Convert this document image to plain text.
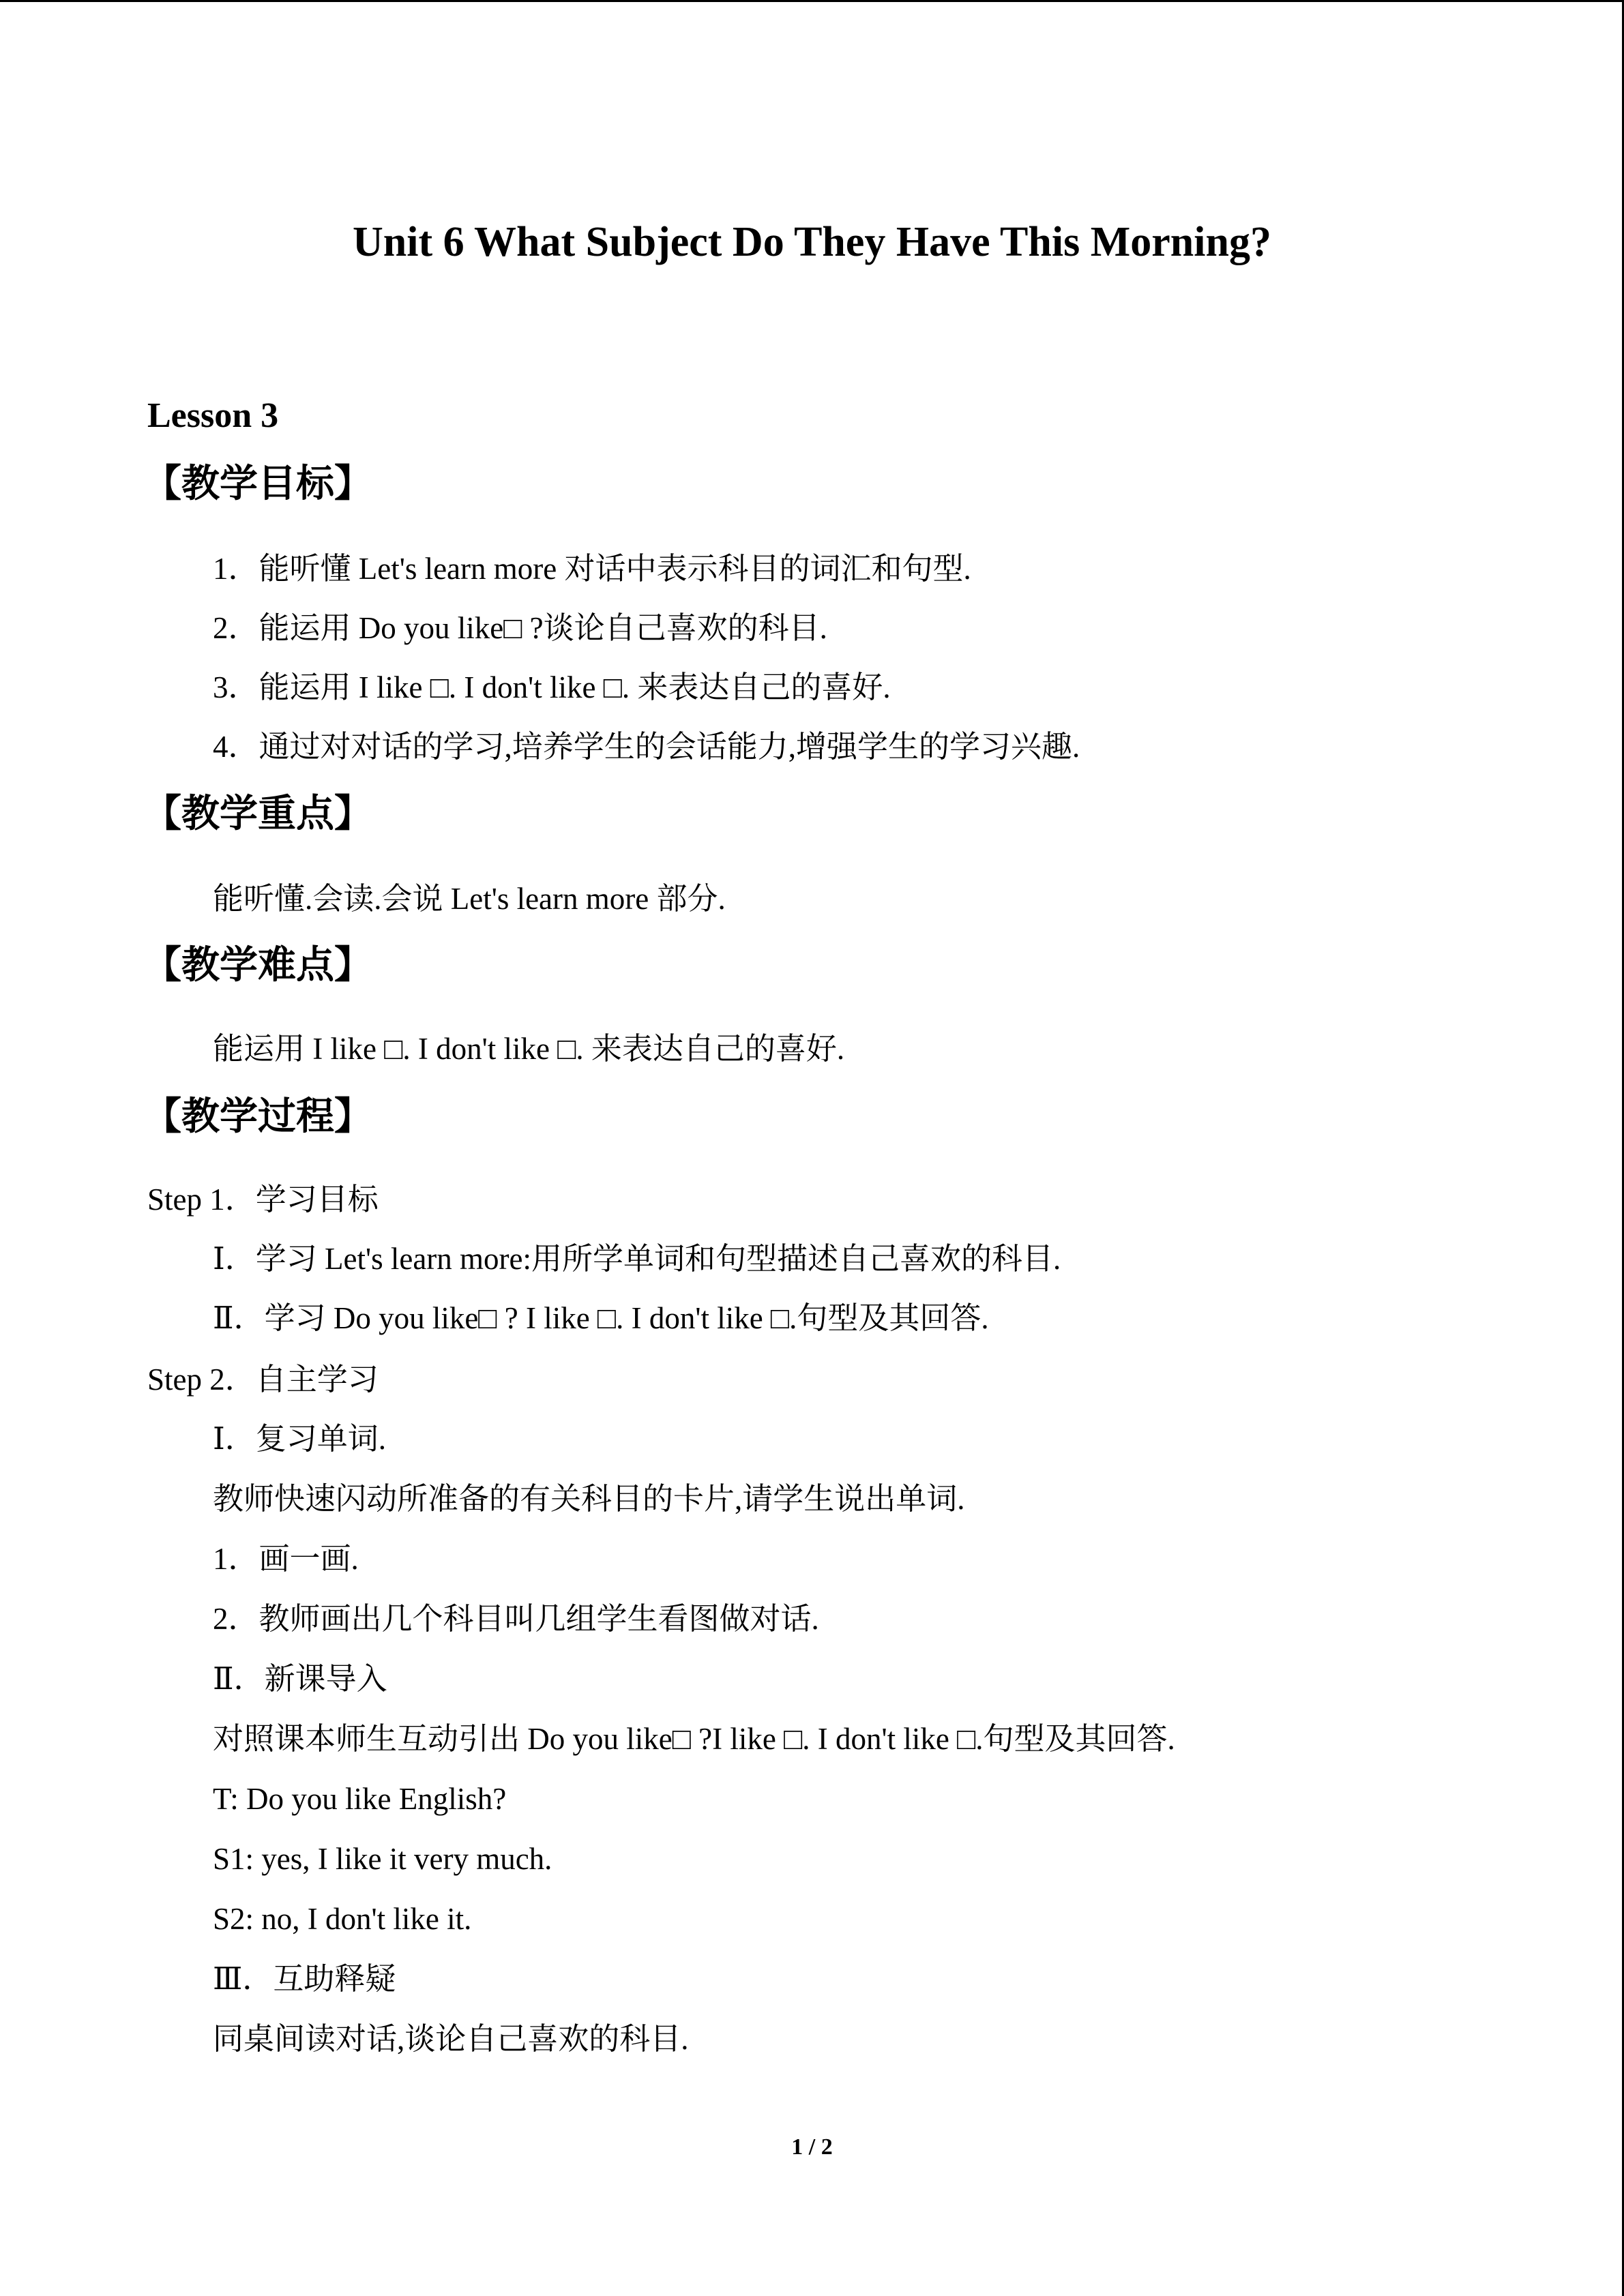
Unit 6 What Subject Do They Have This Morning?
Lesson 3
【教学目标】
1．能听懂 Let's learn more 对话中表示科目的词汇和句型.
2．能运用 Do you like□ ?谈论自己喜欢的科目.
3．能运用 I like □. I don't like □. 来表达自己的喜好.
4．通过对对话的学习,培养学生的会话能力,增强学生的学习兴趣.
【教学重点】
能听懂.会读.会说 Let's learn more 部分.
【教学难点】
能运用 I like □. I don't like □. 来表达自己的喜好.
【教学过程】
Step 1．学习目标
Ⅰ．学习 Let's learn more:用所学单词和句型描述自己喜欢的科目.
Ⅱ．学习 Do you like□ ? I like □. I don't like □.句型及其回答.
Step 2．自主学习
Ⅰ．复习单词.
教师快速闪动所准备的有关科目的卡片,请学生说出单词.
1．画一画.
2．教师画出几个科目叫几组学生看图做对话.
Ⅱ．新课导入
对照课本师生互动引出 Do you like□ ?I like □. I don't like □.句型及其回答.
T: Do you like English?
S1: yes, I like it very much.
S2: no, I don't like it.
Ⅲ．互助释疑
同桌间读对话,谈论自己喜欢的科目.
1 / 2
